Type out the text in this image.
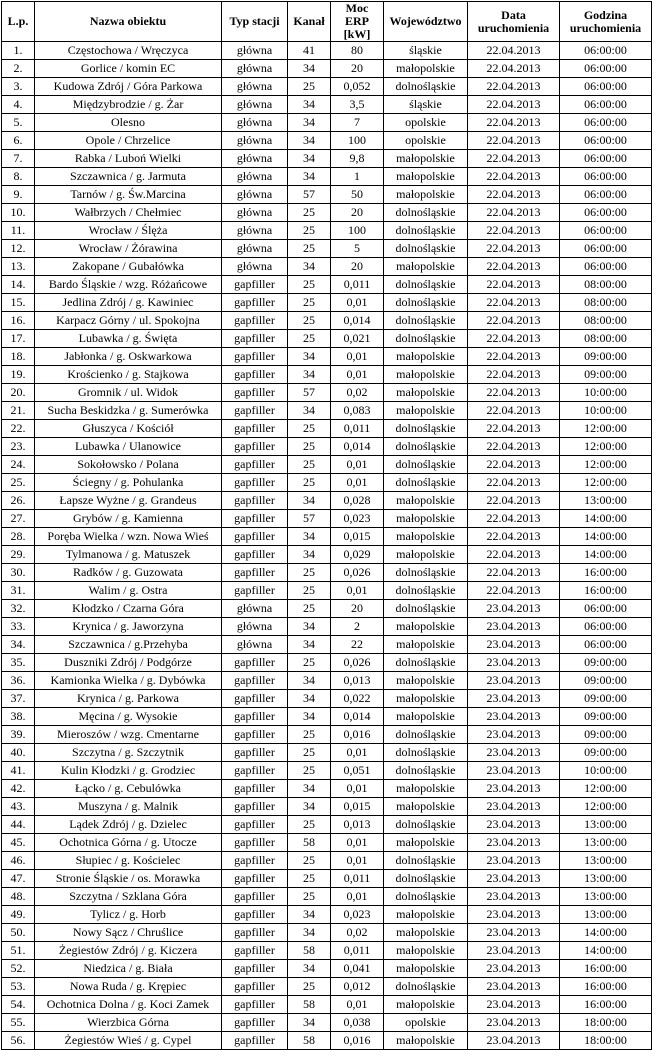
L.p.	Nazwa obiektu	Typ stacji	Kanał	Moc ERP [kW]	Województwo	Data uruchomienia	Godzina uruchomienia
1.	Częstochowa / Wręczyca	główna	41	80	śląskie	22.04.2013	06:00:00
2.	Gorlice / komin EC	główna	34	20	małopolskie	22.04.2013	06:00:00
3.	Kudowa Zdrój / Góra Parkowa	główna	25	0,052	dolnośląskie	22.04.2013	06:00:00
4.	Międzybrodzie / g. Żar	główna	34	3,5	śląskie	22.04.2013	06:00:00
5.	Olesno	główna	34	7	opolskie	22.04.2013	06:00:00
6.	Opole / Chrzelice	główna	34	100	opolskie	22.04.2013	06:00:00
7.	Rabka / Luboń Wielki	główna	34	9,8	małopolskie	22.04.2013	06:00:00
8.	Szczawnica / g. Jarmuta	główna	34	1	małopolskie	22.04.2013	06:00:00
9.	Tarnów / g. Św.Marcina	główna	57	50	małopolskie	22.04.2013	06:00:00
10.	Wałbrzych / Chełmiec	główna	25	20	dolnośląskie	22.04.2013	06:00:00
11.	Wrocław / Ślęża	główna	25	100	dolnośląskie	22.04.2013	06:00:00
12.	Wrocław / Żórawina	główna	25	5	dolnośląskie	22.04.2013	06:00:00
13.	Zakopane / Gubałówka	główna	34	20	małopolskie	22.04.2013	06:00:00
14.	Bardo Śląskie / wzg. Różańcowe	gapfiller	25	0,011	dolnośląskie	22.04.2013	08:00:00
15.	Jedlina Zdrój / g. Kawiniec	gapfiller	25	0,01	dolnośląskie	22.04.2013	08:00:00
16.	Karpacz Górny / ul. Spokojna	gapfiller	25	0,014	dolnośląskie	22.04.2013	08:00:00
17.	Lubawka / g. Święta	gapfiller	25	0,021	dolnośląskie	22.04.2013	08:00:00
18.	Jabłonka / g. Oskwarkowa	gapfiller	34	0,01	małopolskie	22.04.2013	09:00:00
19.	Krościenko / g. Stajkowa	gapfiller	34	0,01	małopolskie	22.04.2013	09:00:00
20.	Gromnik / ul. Widok	gapfiller	57	0,02	małopolskie	22.04.2013	10:00:00
21.	Sucha Beskidzka / g. Sumerówka	gapfiller	34	0,083	małopolskie	22.04.2013	10:00:00
22.	Głuszyca / Kościół	gapfiller	25	0,011	dolnośląskie	22.04.2013	12:00:00
23.	Lubawka / Ulanowice	gapfiller	25	0,014	dolnośląskie	22.04.2013	12:00:00
24.	Sokołowsko / Polana	gapfiller	25	0,01	dolnośląskie	22.04.2013	12:00:00
25.	Ściegny / g. Pohulanka	gapfiller	25	0,01	dolnośląskie	22.04.2013	12:00:00
26.	Łapsze Wyżne / g. Grandeus	gapfiller	34	0,028	małopolskie	22.04.2013	13:00:00
27.	Grybów / g. Kamienna	gapfiller	57	0,023	małopolskie	22.04.2013	14:00:00
28.	Poręba Wielka / wzn. Nowa Wieś	gapfiller	34	0,015	małopolskie	22.04.2013	14:00:00
29.	Tylmanowa / g. Matuszek	gapfiller	34	0,029	małopolskie	22.04.2013	14:00:00
30.	Radków / g. Guzowata	gapfiller	25	0,026	dolnośląskie	22.04.2013	16:00:00
31.	Walim / g. Ostra	gapfiller	25	0,01	dolnośląskie	22.04.2013	16:00:00
32.	Kłodzko / Czarna Góra	główna	25	20	dolnośląskie	23.04.2013	06:00:00
33.	Krynica / g. Jaworzyna	główna	34	2	małopolskie	23.04.2013	06:00:00
34.	Szczawnica / g.Przehyba	główna	34	22	małopolskie	23.04.2013	06:00:00
35.	Duszniki Zdrój / Podgórze	gapfiller	25	0,026	dolnośląskie	23.04.2013	09:00:00
36.	Kamionka Wielka / g. Dybówka	gapfiller	34	0,013	małopolskie	23.04.2013	09:00:00
37.	Krynica / g. Parkowa	gapfiller	34	0,022	małopolskie	23.04.2013	09:00:00
38.	Męcina / g. Wysokie	gapfiller	34	0,014	małopolskie	23.04.2013	09:00:00
39.	Mieroszów / wzg. Cmentarne	gapfiller	25	0,016	dolnośląskie	23.04.2013	09:00:00
40.	Szczytna / g. Szczytnik	gapfiller	25	0,01	dolnośląskie	23.04.2013	09:00:00
41.	Kulin Kłodzki / g. Grodziec	gapfiller	25	0,051	dolnośląskie	23.04.2013	10:00:00
42.	Łącko / g. Cebulówka	gapfiller	34	0,01	małopolskie	23.04.2013	12:00:00
43.	Muszyna / g. Malnik	gapfiller	34	0,015	małopolskie	23.04.2013	12:00:00
44.	Lądek Zdrój / g. Dzielec	gapfiller	25	0,013	dolnośląskie	23.04.2013	13:00:00
45.	Ochotnica Górna / g. Utocze	gapfiller	58	0,01	małopolskie	23.04.2013	13:00:00
46.	Słupiec / g. Kościelec	gapfiller	25	0,01	dolnośląskie	23.04.2013	13:00:00
47.	Stronie Śląskie / os. Morawka	gapfiller	25	0,011	dolnośląskie	23.04.2013	13:00:00
48.	Szczytna / Szklana Góra	gapfiller	25	0,01	dolnośląskie	23.04.2013	13:00:00
49.	Tylicz / g. Horb	gapfiller	34	0,023	małopolskie	23.04.2013	13:00:00
50.	Nowy Sącz / Chruślice	gapfiller	34	0,02	małopolskie	23.04.2013	14:00:00
51.	Żegiestów Zdrój / g. Kiczera	gapfiller	58	0,011	małopolskie	23.04.2013	14:00:00
52.	Niedzica / g. Biała	gapfiller	34	0,041	małopolskie	23.04.2013	16:00:00
53.	Nowa Ruda / g. Krępiec	gapfiller	25	0,012	dolnośląskie	23.04.2013	16:00:00
54.	Ochotnica Dolna / g. Koci Zamek	gapfiller	58	0,01	małopolskie	23.04.2013	16:00:00
55.	Wierzbica Górna	gapfiller	34	0,038	opolskie	23.04.2013	18:00:00
56.	Żegiestów Wieś / g. Cypel	gapfiller	58	0,016	małopolskie	23.04.2013	18:00:00
